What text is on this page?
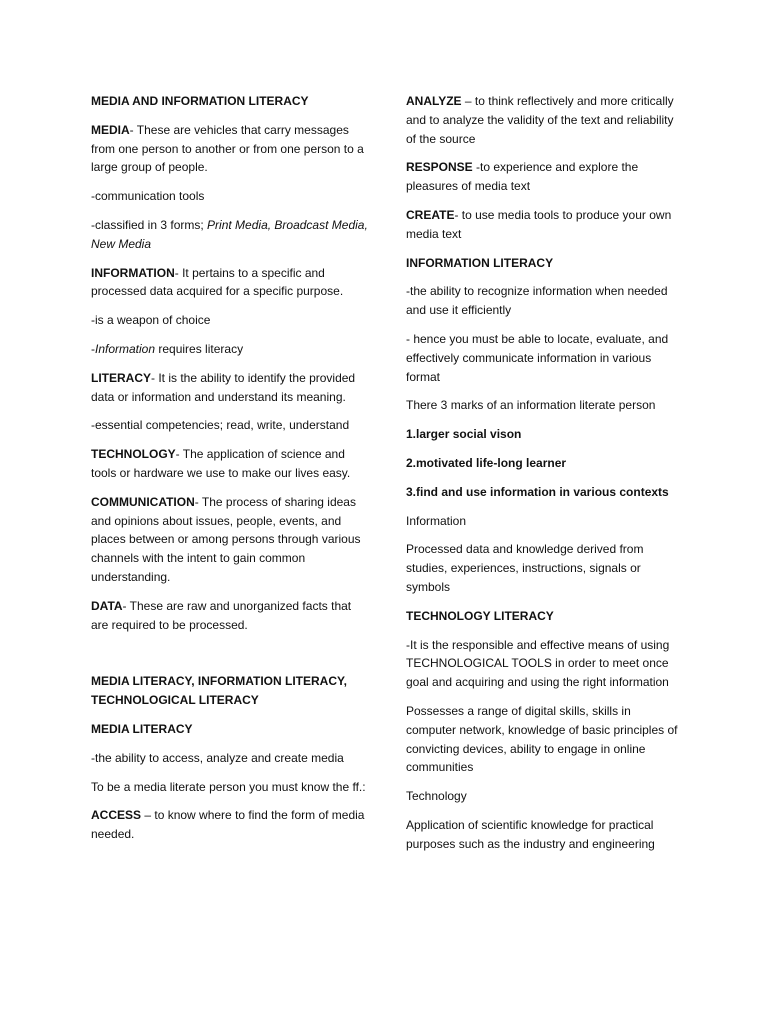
MEDIA AND INFORMATION LITERACY

MEDIA- These are vehicles that carry messages from one person to another or from one person to a large group of people.

-communication tools

-classified in 3 forms; Print Media, Broadcast Media, New Media

INFORMATION- It pertains to a specific and processed data acquired for a specific purpose.

-is a weapon of choice

-Information requires literacy

LITERACY- It is the ability to identify the provided data or information and understand its meaning.

-essential competencies; read, write, understand

TECHNOLOGY- The application of science and tools or hardware we use to make our lives easy.

COMMUNICATION- The process of sharing ideas and opinions about issues, people, events, and places between or among persons through various channels with the intent to gain common understanding.

DATA- These are raw and unorganized facts that are required to be processed.

MEDIA LITERACY, INFORMATION LITERACY, TECHNOLOGICAL LITERACY

MEDIA LITERACY

-the ability to access, analyze and create media

To be a media literate person you must know the ff.:

ACCESS – to know where to find the form of media needed.

ANALYZE – to think reflectively and more critically and to analyze the validity of the text and reliability of the source

RESPONSE -to experience and explore the pleasures of media text

CREATE- to use media tools to produce your own media text

INFORMATION LITERACY

-the ability to recognize information when needed and use it efficiently

- hence you must be able to locate, evaluate, and effectively communicate information in various format

There 3 marks of an information literate person

1.larger social vison

2.motivated life-long learner

3.find and use information in various contexts

Information

Processed data and knowledge derived from studies, experiences, instructions, signals or symbols

TECHNOLOGY LITERACY

-It is the responsible and effective means of using TECHNOLOGICAL TOOLS in order to meet once goal and acquiring and using the right information

Possesses a range of digital skills, skills in computer network, knowledge of basic principles of convicting devices, ability to engage in online communities

Technology

Application of scientific knowledge for practical purposes such as the industry and engineering
